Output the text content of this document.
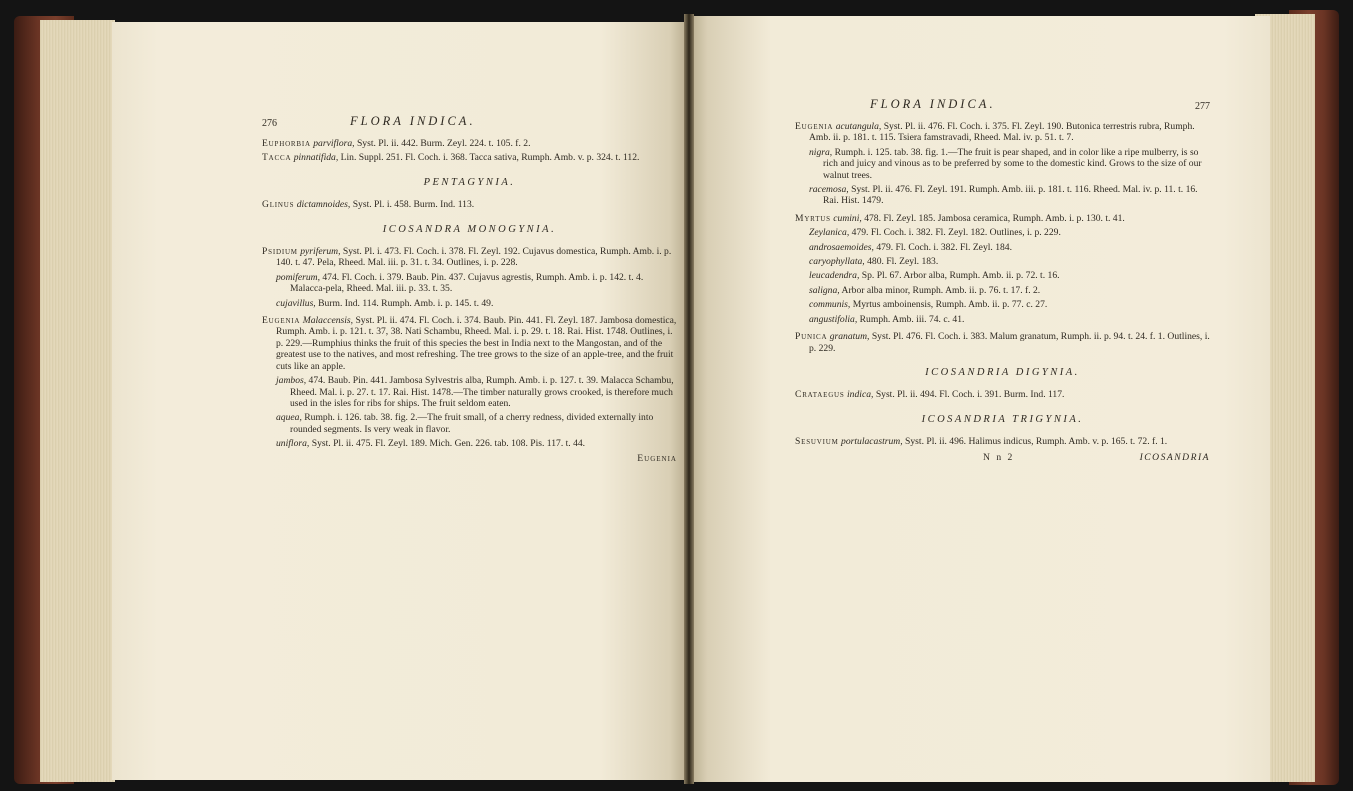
276	FLORA INDICA.

Euphorbia parviflora, Syst. Pl. ii. 442. Burm. Zeyl. 224. t. 105. f. 2.

Tacca pinnatifida, Lin. Suppl. 251. Fl. Coch. i. 368. Tacca sativa, Rumph. Amb. v. p. 324. t. 112.

PENTAGYNIA.

Glinus dictamnoides, Syst. Pl. i. 458. Burm. Ind. 113.

ICOSANDRA MONOGYNIA.

Psidium pyriferum, Syst. Pl. i. 473. Fl. Coch. i. 378. Fl. Zeyl. 192. Cujavus domestica, Rumph. Amb. i. p. 140. t. 47. Pela, Rheed. Mal. iii. p. 31. t. 34. Outlines, i. p. 228.

pomiferum, 474. Fl. Coch. i. 379. Baub. Pin. 437. Cujavus agrestis, Rumph. Amb. i. p. 142. t. 4. Malacca-pela, Rheed. Mal. iii. p. 33. t. 35.

cujavillus, Burm. Ind. 114. Rumph. Amb. i. p. 145. t. 49.

Eugenia Malaccensis, Syst. Pl. ii. 474. Fl. Coch. i. 374. Baub. Pin. 441. Fl. Zeyl. 187. Jambosa domestica, Rumph. Amb. i. p. 121. t. 37, 38. Nati Schambu, Rheed. Mal. i. p. 29. t. 18. Rai. Hist. 1748. Outlines, i. p. 229.—Rumphius thinks the fruit of this species the best in India next to the Mangostan, and of the greatest use to the natives, and most refreshing. The tree grows to the size of an apple-tree, and the fruit cuts like an apple.

jambos, 474. Baub. Pin. 441. Jambosa Sylvestris alba, Rumph. Amb. i. p. 127. t. 39. Malacca Schambu, Rheed. Mal. i. p. 27. t. 17. Rai. Hist. 1478.—The timber naturally grows crooked, is therefore much used in the isles for ribs for ships. The fruit seldom eaten.

aquea, Rumph. i. 126. tab. 38. fig. 2.—The fruit small, of a cherry redness, divided externally into rounded segments. Is very weak in flavor.

uniflora, Syst. Pl. ii. 475. Fl. Zeyl. 189. Mich. Gen. 226. tab. 108. Pis. 117. t. 44.

Eugenia
FLORA INDICA.	277

Eugenia acutangula, Syst. Pl. ii. 476. Fl. Coch. i. 375. Fl. Zeyl. 190. Butonica terrestris rubra, Rumph. Amb. ii. p. 181. t. 115. Tsiera famstravadi, Rheed. Mal. iv. p. 51. t. 7.

nigra, Rumph. i. 125. tab. 38. fig. 1.—The fruit is pear shaped, and in color like a ripe mulberry, is so rich and juicy and vinous as to be preferred by some to the domestic kind. Grows to the size of our walnut trees.

racemosa, Syst. Pl. ii. 476. Fl. Zeyl. 191. Rumph. Amb. iii. p. 181. t. 116. Rheed. Mal. iv. p. 11. t. 16. Rai. Hist. 1479.

Myrtus cumini, 478. Fl. Zeyl. 185. Jambosa ceramica, Rumph. Amb. i. p. 130. t. 41.

Zeylanica, 479. Fl. Coch. i. 382. Fl. Zeyl. 182. Outlines, i. p. 229.

androsaemoides, 479. Fl. Coch. i. 382. Fl. Zeyl. 184.

caryophyllata, 480. Fl. Zeyl. 183.

leucadendra, Sp. Pl. 67. Arbor alba, Rumph. Amb. ii. p. 72. t. 16.

saligna, Arbor alba minor, Rumph. Amb. ii. p. 76. t. 17. f. 2.

communis, Myrtus amboinensis, Rumph. Amb. ii. p. 77. c. 27.

angustifolia, Rumph. Amb. iii. 74. c. 41.

Punica granatum, Syst. Pl. 476. Fl. Coch. i. 383. Malum granatum, Rumph. ii. p. 94. t. 24. f. 1. Outlines, i. p. 229.

ICOSANDRIA DIGYNIA.

Crataegus indica, Syst. Pl. ii. 494. Fl. Coch. i. 391. Burm. Ind. 117.

ICOSANDRIA TRIGYNIA.

Sesuvium portulacastrum, Syst. Pl. ii. 496. Halimus indicus, Rumph. Amb. v. p. 165. t. 72. f. 1.

N n 2	ICOSANDRIA
